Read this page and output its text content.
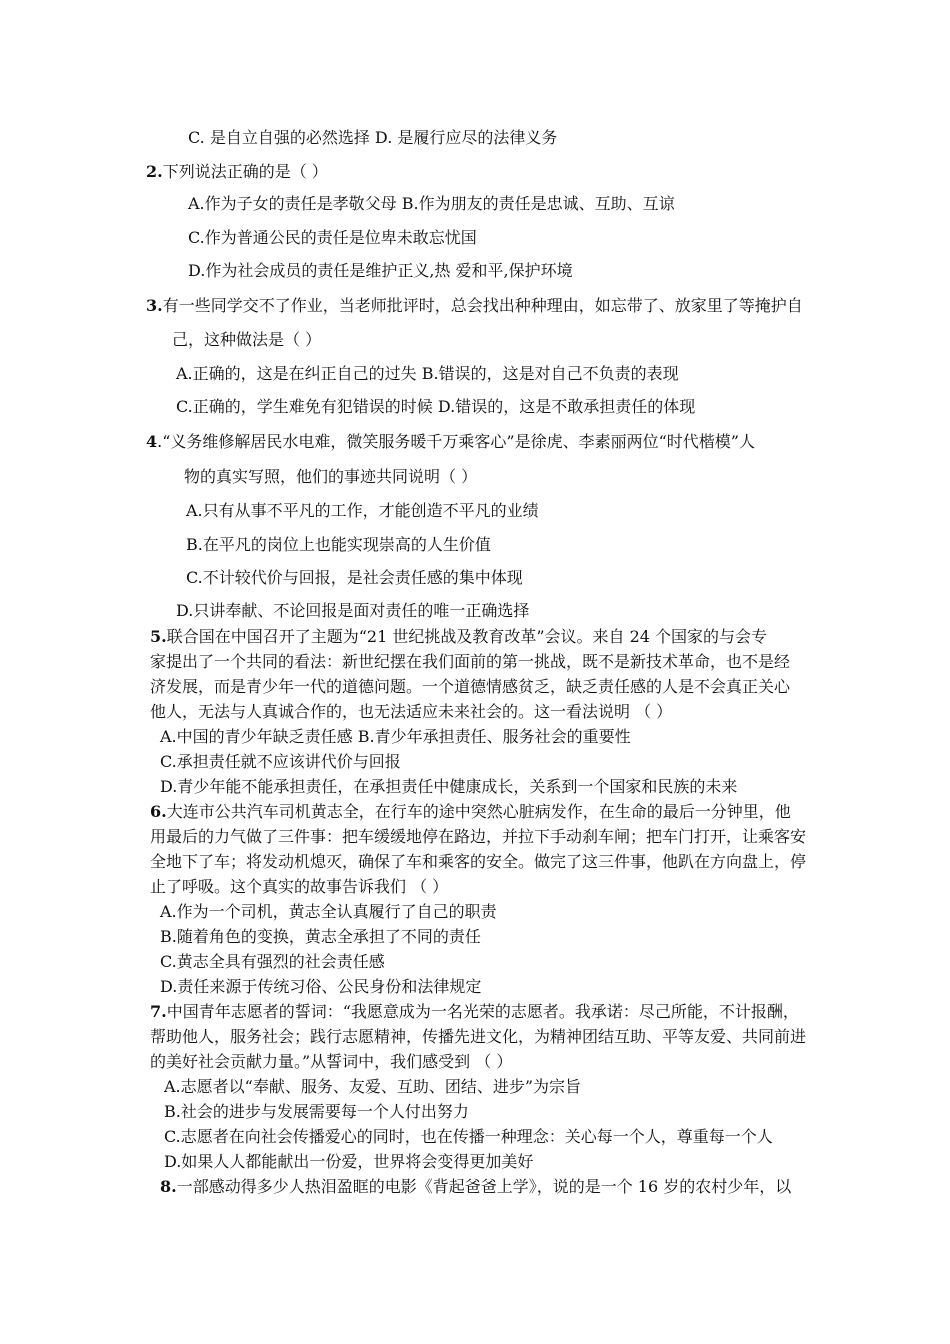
C. 是自立自强的必然选择 D. 是履行应尽的法律义务
2.下列说法正确的是（ ）
A.作为子女的责任是孝敬父母 B.作为朋友的责任是忠诚、互助、互谅
C.作为普通公民的责任是位卑未敢忘忧国
D.作为社会成员的责任是维护正义,热 爱和平,保护环境
3.有一些同学交不了作业，当老师批评时，总会找出种种理由，如忘带了、放家里了等掩护自
己，这种做法是（ ）
A.正确的，这是在纠正自己的过失 B.错误的，这是对自己不负责的表现
C.正确的，学生难免有犯错误的时候 D.错误的，这是不敢承担责任的体现
4.“义务维修解居民水电难，微笑服务暖千万乘客心”是徐虎、李素丽两位“时代楷模”人
物的真实写照，他们的事迹共同说明（ ）
A.只有从事不平凡的工作，才能创造不平凡的业绩
B.在平凡的岗位上也能实现崇高的人生价值
C.不计较代价与回报，是社会责任感的集中体现
D.只讲奉献、不论回报是面对责任的唯一正确选择
5.联合国在中国召开了主题为“21 世纪挑战及教育改革”会议。来自 24 个国家的与会专
家提出了一个共同的看法：新世纪摆在我们面前的第一挑战，既不是新技术革命，也不是经
济发展，而是青少年一代的道德问题。一个道德情感贫乏，缺乏责任感的人是不会真正关心
他人，无法与人真诚合作的，也无法适应未来社会的。这一看法说明 （ ）
A.中国的青少年缺乏责任感 B.青少年承担责任、服务社会的重要性
C.承担责任就不应该讲代价与回报
D.青少年能不能承担责任，在承担责任中健康成长，关系到一个国家和民族的未来
6.大连市公共汽车司机黄志全，在行车的途中突然心脏病发作，在生命的最后一分钟里，他
用最后的力气做了三件事：把车缓缓地停在路边，并拉下手动刹车闸；把车门打开，让乘客安
全地下了车；将发动机熄灭，确保了车和乘客的安全。做完了这三件事，他趴在方向盘上，停
止了呼吸。这个真实的故事告诉我们 （ ）
A.作为一个司机，黄志全认真履行了自己的职责
B.随着角色的变换，黄志全承担了不同的责任
C.黄志全具有强烈的社会责任感
D.责任来源于传统习俗、公民身份和法律规定
7.中国青年志愿者的誓词：“我愿意成为一名光荣的志愿者。我承诺：尽己所能，不计报酬，
帮助他人，服务社会；践行志愿精神，传播先进文化，为精神团结互助、平等友爱、共同前进
的美好社会贡献力量。”从誓词中，我们感受到 （ ）
A.志愿者以“奉献、服务、友爱、互助、团结、进步”为宗旨
B.社会的进步与发展需要每一个人付出努力
C.志愿者在向社会传播爱心的同时，也在传播一种理念：关心每一个人，尊重每一个人
D.如果人人都能献出一份爱，世界将会变得更加美好
8.一部感动得多少人热泪盈眶的电影《背起爸爸上学》，说的是一个 16 岁的农村少年，以
